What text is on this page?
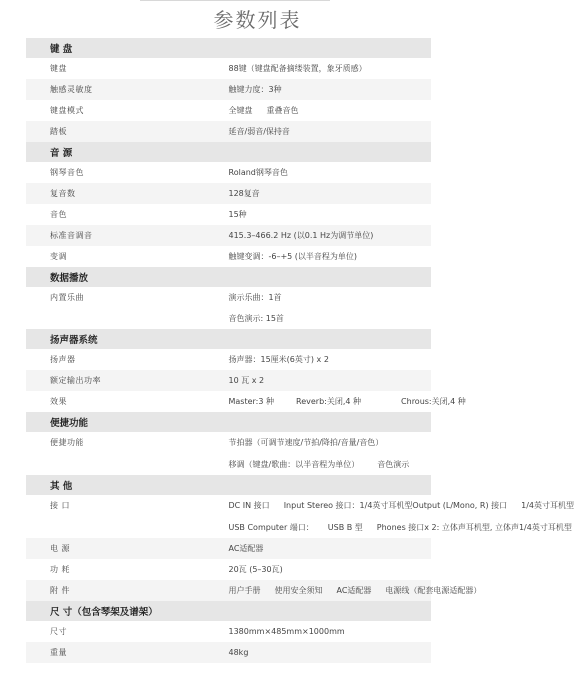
参数列表
键 盘	
键盘	88键（键盘配备摘缕装置，象牙质感）
触感灵敏度	触键力度：3种
键盘模式	全键盘 重叠音色
踏板	延音/弱音/保持音
音 源	
钢琴音色	Roland钢琴音色
复音数	128复音
音色	15种
标准音调音	415.3–466.2 Hz (以0.1 Hz为调节单位)
变调	触键变调：-6–+5 (以半音程为单位)
数据播放	
内置乐曲	演示乐曲：1首
	音色演示: 15首
扬声器系统	
扬声器	扬声器：15厘米(6英寸) x 2
额定输出功率	10 瓦 x 2
效果	Master:3 种 Reverb:关闭,4 种 Chrous:关闭,4 种
便捷功能	
便捷功能	节拍器（可调节速度/节拍/降拍/音量/音色）
	移调（键盘/歌曲：以半音程为单位） 音色演示
其 他	
接 口	DC IN 接口 Input Stereo 接口：1/4英寸耳机型Output (L/Mono, R) 接口 1/4英寸耳机型
	USB Computer 端口： USB B 型 Phones 接口x 2: 立体声耳机型, 立体声1/4英寸耳机型
电 源	AC适配器
功 耗	20瓦 (5–30瓦)
附 件	用户手册 使用安全须知 AC适配器 电源线（配套电源适配器）
尺 寸（包含琴架及谱架）	
尺寸	1380mm×485mm×1000mm
重量	48kg
